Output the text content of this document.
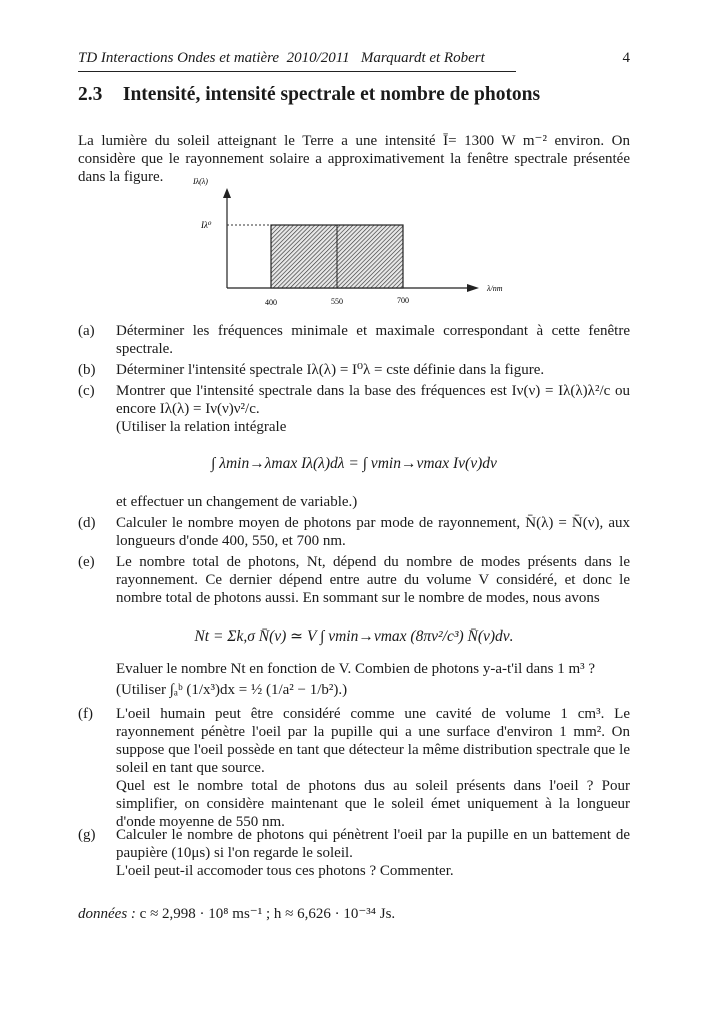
TD Interactions Ondes et matière  2010/2011   Marquardt et Robert	4
2.3 Intensité, intensité spectrale et nombre de photons
La lumière du soleil atteignant le Terre a une intensité Ī= 1300 W m⁻² environ. On considère que le rayonnement solaire a approximativement la fenêtre spectrale présentée dans la figure.	Iλ(λ)
λ/nm
Iλ⁰
400	550	700
(a) Déterminer les fréquences minimale et maximale correspondant à cette fenêtre spectrale.
(b) Déterminer l'intensité spectrale Iλ(λ) = I⁰λ = cste définie dans la figure.
(c) Montrer que l'intensité spectrale dans la base des fréquences est Iν(ν) = Iλ(λ)λ²/c ou encore Iλ(λ) = Iν(ν)ν²/c.
(Utiliser la relation intégrale
∫ λmin→λmax Iλ(λ)dλ = ∫ νmin→νmax Iν(ν)dν
et effectuer un changement de variable.)
(d) Calculer le nombre moyen de photons par mode de rayonnement, N̄(λ) = N̄(ν), aux longueurs d'onde 400, 550, et 700 nm.
(e) Le nombre total de photons, Nt, dépend du nombre de modes présents dans le rayonnement. Ce dernier dépend entre autre du volume V considéré, et donc le nombre total de photons aussi. En sommant sur le nombre de modes, nous avons
Nt = Σk,σ N̄(ν) ≃ V ∫ νmin→νmax (8πν²/c³) N̄(ν)dν.
Evaluer le nombre Nt en fonction de V. Combien de photons y-a-t'il dans 1 m³ ?
(Utiliser ∫ₐᵇ (1/x³)dx = ½ (1/a² − 1/b²).)
(f) L'oeil humain peut être considéré comme une cavité de volume 1 cm³. Le rayonnement pénètre l'oeil par la pupille qui a une surface d'environ 1 mm². On suppose que l'oeil possède en tant que détecteur la même distribution spectrale que le soleil en tant que source.
Quel est le nombre total de photons dus au soleil présents dans l'oeil ? Pour simplifier, on considère maintenant que le soleil émet uniquement à la longueur d'onde moyenne de 550 nm.
(g) Calculer le nombre de photons qui pénètrent l'oeil par la pupille en un battement de paupière (10μs) si l'on regarde le soleil.
L'oeil peut-il accomoder tous ces photons ? Commenter.
données : c ≈ 2,998 · 10⁸ ms⁻¹ ; h ≈ 6,626 · 10⁻³⁴ Js.
